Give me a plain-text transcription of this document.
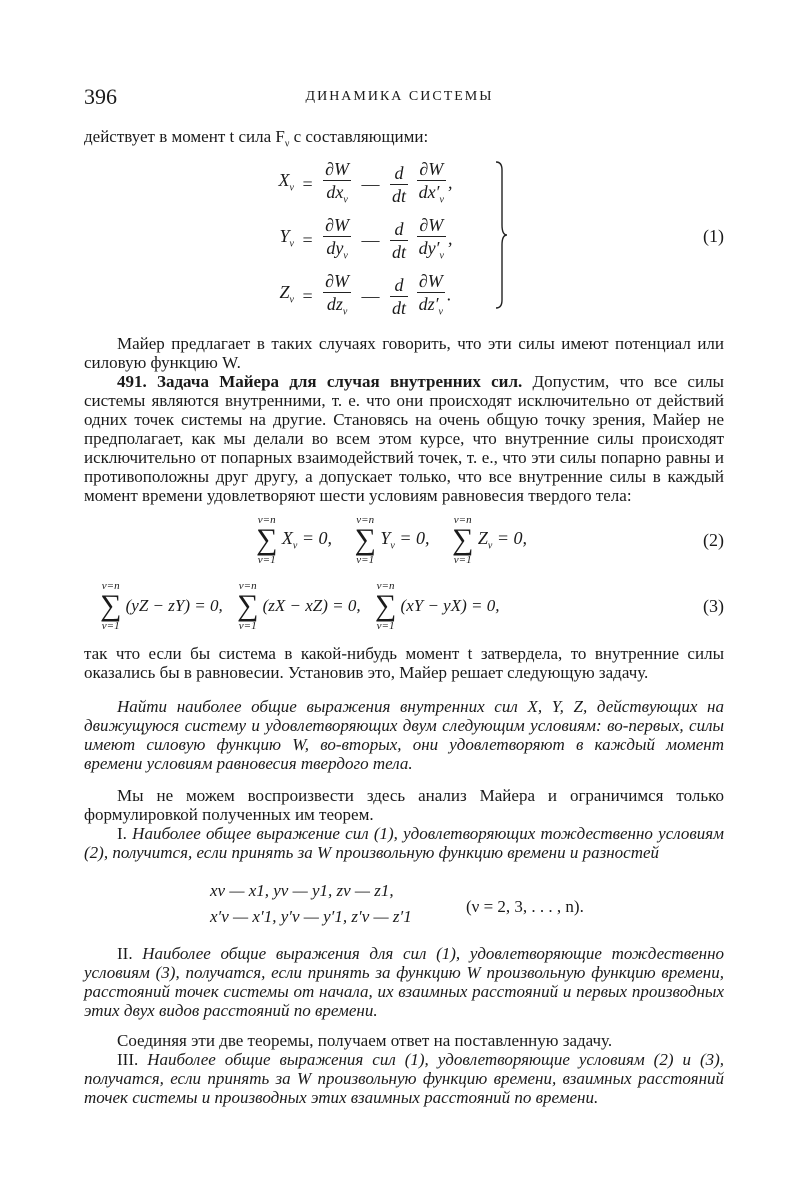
396	ДИНАМИКА СИСТЕМЫ
действует в момент t сила $F_\nu$ с составляющими:
$X_\nu = \frac{\partial W}{dx_\nu}$ — $\frac{d}{dt}$
$\frac{\partial W}{dx'_\nu}$ ,
$Y_\nu = \frac{\partial W}{dy_\nu}$ — $\frac{d}{dt}$
$\frac{\partial W}{dy'_\nu}$ ,
$Z_\nu = \frac{\partial W}{dz_\nu}$ — $\frac{d}{dt}$
$\frac{\partial W}{dz'_\nu}$ .
(1)
Майер предлагает в таких случаях говорить, что эти силы имеют потенциал или силовую функцию W.
491. Задача Майера для случая внутренних сил. Допустим, что все силы системы являются внутренними, т. е. что они происходят исключительно от действий одних точек системы на другие. Становясь на очень общую точку зрения, Майер не предполагает, как мы делали во всем этом курсе, что внутренние силы происходят исключительно от попарных взаимодействий точек, т. е., что эти силы попарно равны и противоположны друг другу, а допускает только, что все внутренние силы в каждый момент времени удовлетворяют шести условиям равновесия твердого тела:
ν=n
∑
ν=1
$X_\nu = 0$,
ν=n
∑
ν=1
$Y_\nu = 0$,
ν=n
∑
ν=1
$Z_\nu = 0$,	(2)
ν=n
∑
ν=1
(yZ − zY) = 0,
ν=n
∑
ν=1
(zX − xZ) = 0,
ν=n
∑
ν=1
(xY − yX) = 0,	(3)
так что если бы система в какой-нибудь момент t затвердела, то внутренние силы оказались бы в равновесии. Установив это, Майер решает следующую задачу.
Найти наиболее общие выражения внутренних сил X, Y, Z, действующих на движущуюся систему и удовлетворяющих двум следующим условиям: во-первых, силы имеют силовую функцию W, во-вторых, они удовлетворяют в каждый момент времени условиям равновесия твердого тела.
Мы не можем воспроизвести здесь анализ Майера и ограничимся только формулировкой полученных им теорем.
I. Наиболее общее выражение сил (1), удовлетворяющих тождественно условиям (2), получится, если принять за W произвольную функцию времени и разностей
xν — x1, yν — y1, zν — z1,
x′ν — x′1, y′ν — y′1, z′ν — z′1
(ν = 2, 3, . . . , n).
II. Наиболее общие выражения для сил (1), удовлетворяющие тождественно условиям (3), получатся, если принять за функцию W произвольную функцию времени, расстояний точек системы от начала, их взаимных расстояний и первых производных этих двух видов расстояний по времени.
Соединяя эти две теоремы, получаем ответ на поставленную задачу.
III. Наиболее общие выражения сил (1), удовлетворяющие условиям (2) и (3), получатся, если принять за W произвольную функцию времени, взаимных расстояний точек системы и производных этих взаимных расстояний по времени.
